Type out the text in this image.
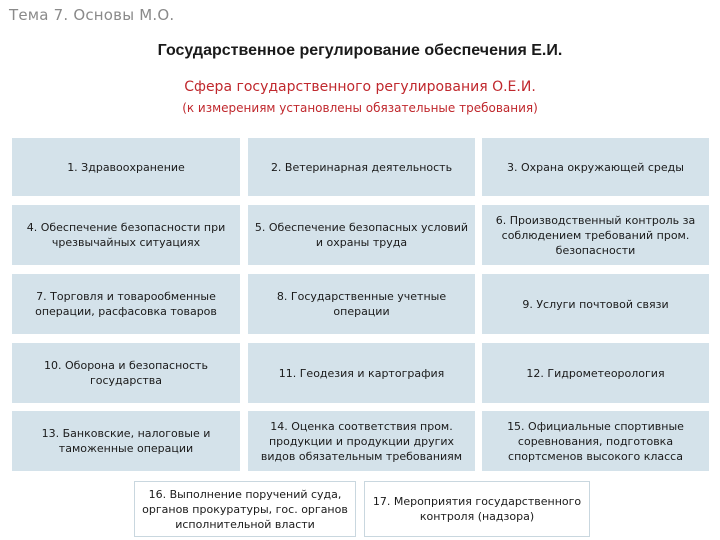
Тема 7. Основы М.О.
Государственное регулирование обеспечения Е.И.
Сфера государственного регулирования О.Е.И.
(к измерениям установлены обязательные требования)
1. Здравоохранение	2. Ветеринарная деятельность	3. Охрана окружающей среды
4. Обеспечение безопасности при чрезвычайных ситуациях
5. Обеспечение безопасных условий и охраны труда
6. Производственный контроль за соблюдением требований пром. безопасности
7. Торговля и товарообменные операции, расфасовка товаров
8. Государственные учетные операции
9. Услуги почтовой связи
10. Оборона и безопасность государства
11. Геодезия и картография	12. Гидрометеорология
13. Банковские, налоговые и таможенные операции
14. Оценка соответствия пром. продукции и продукции других видов обязательным требованиям
15. Официальные спортивные соревнования, подготовка спортсменов высокого класса
16. Выполнение поручений суда, органов прокуратуры, гос. органов исполнительной власти
17. Мероприятия государственного контроля (надзора)
